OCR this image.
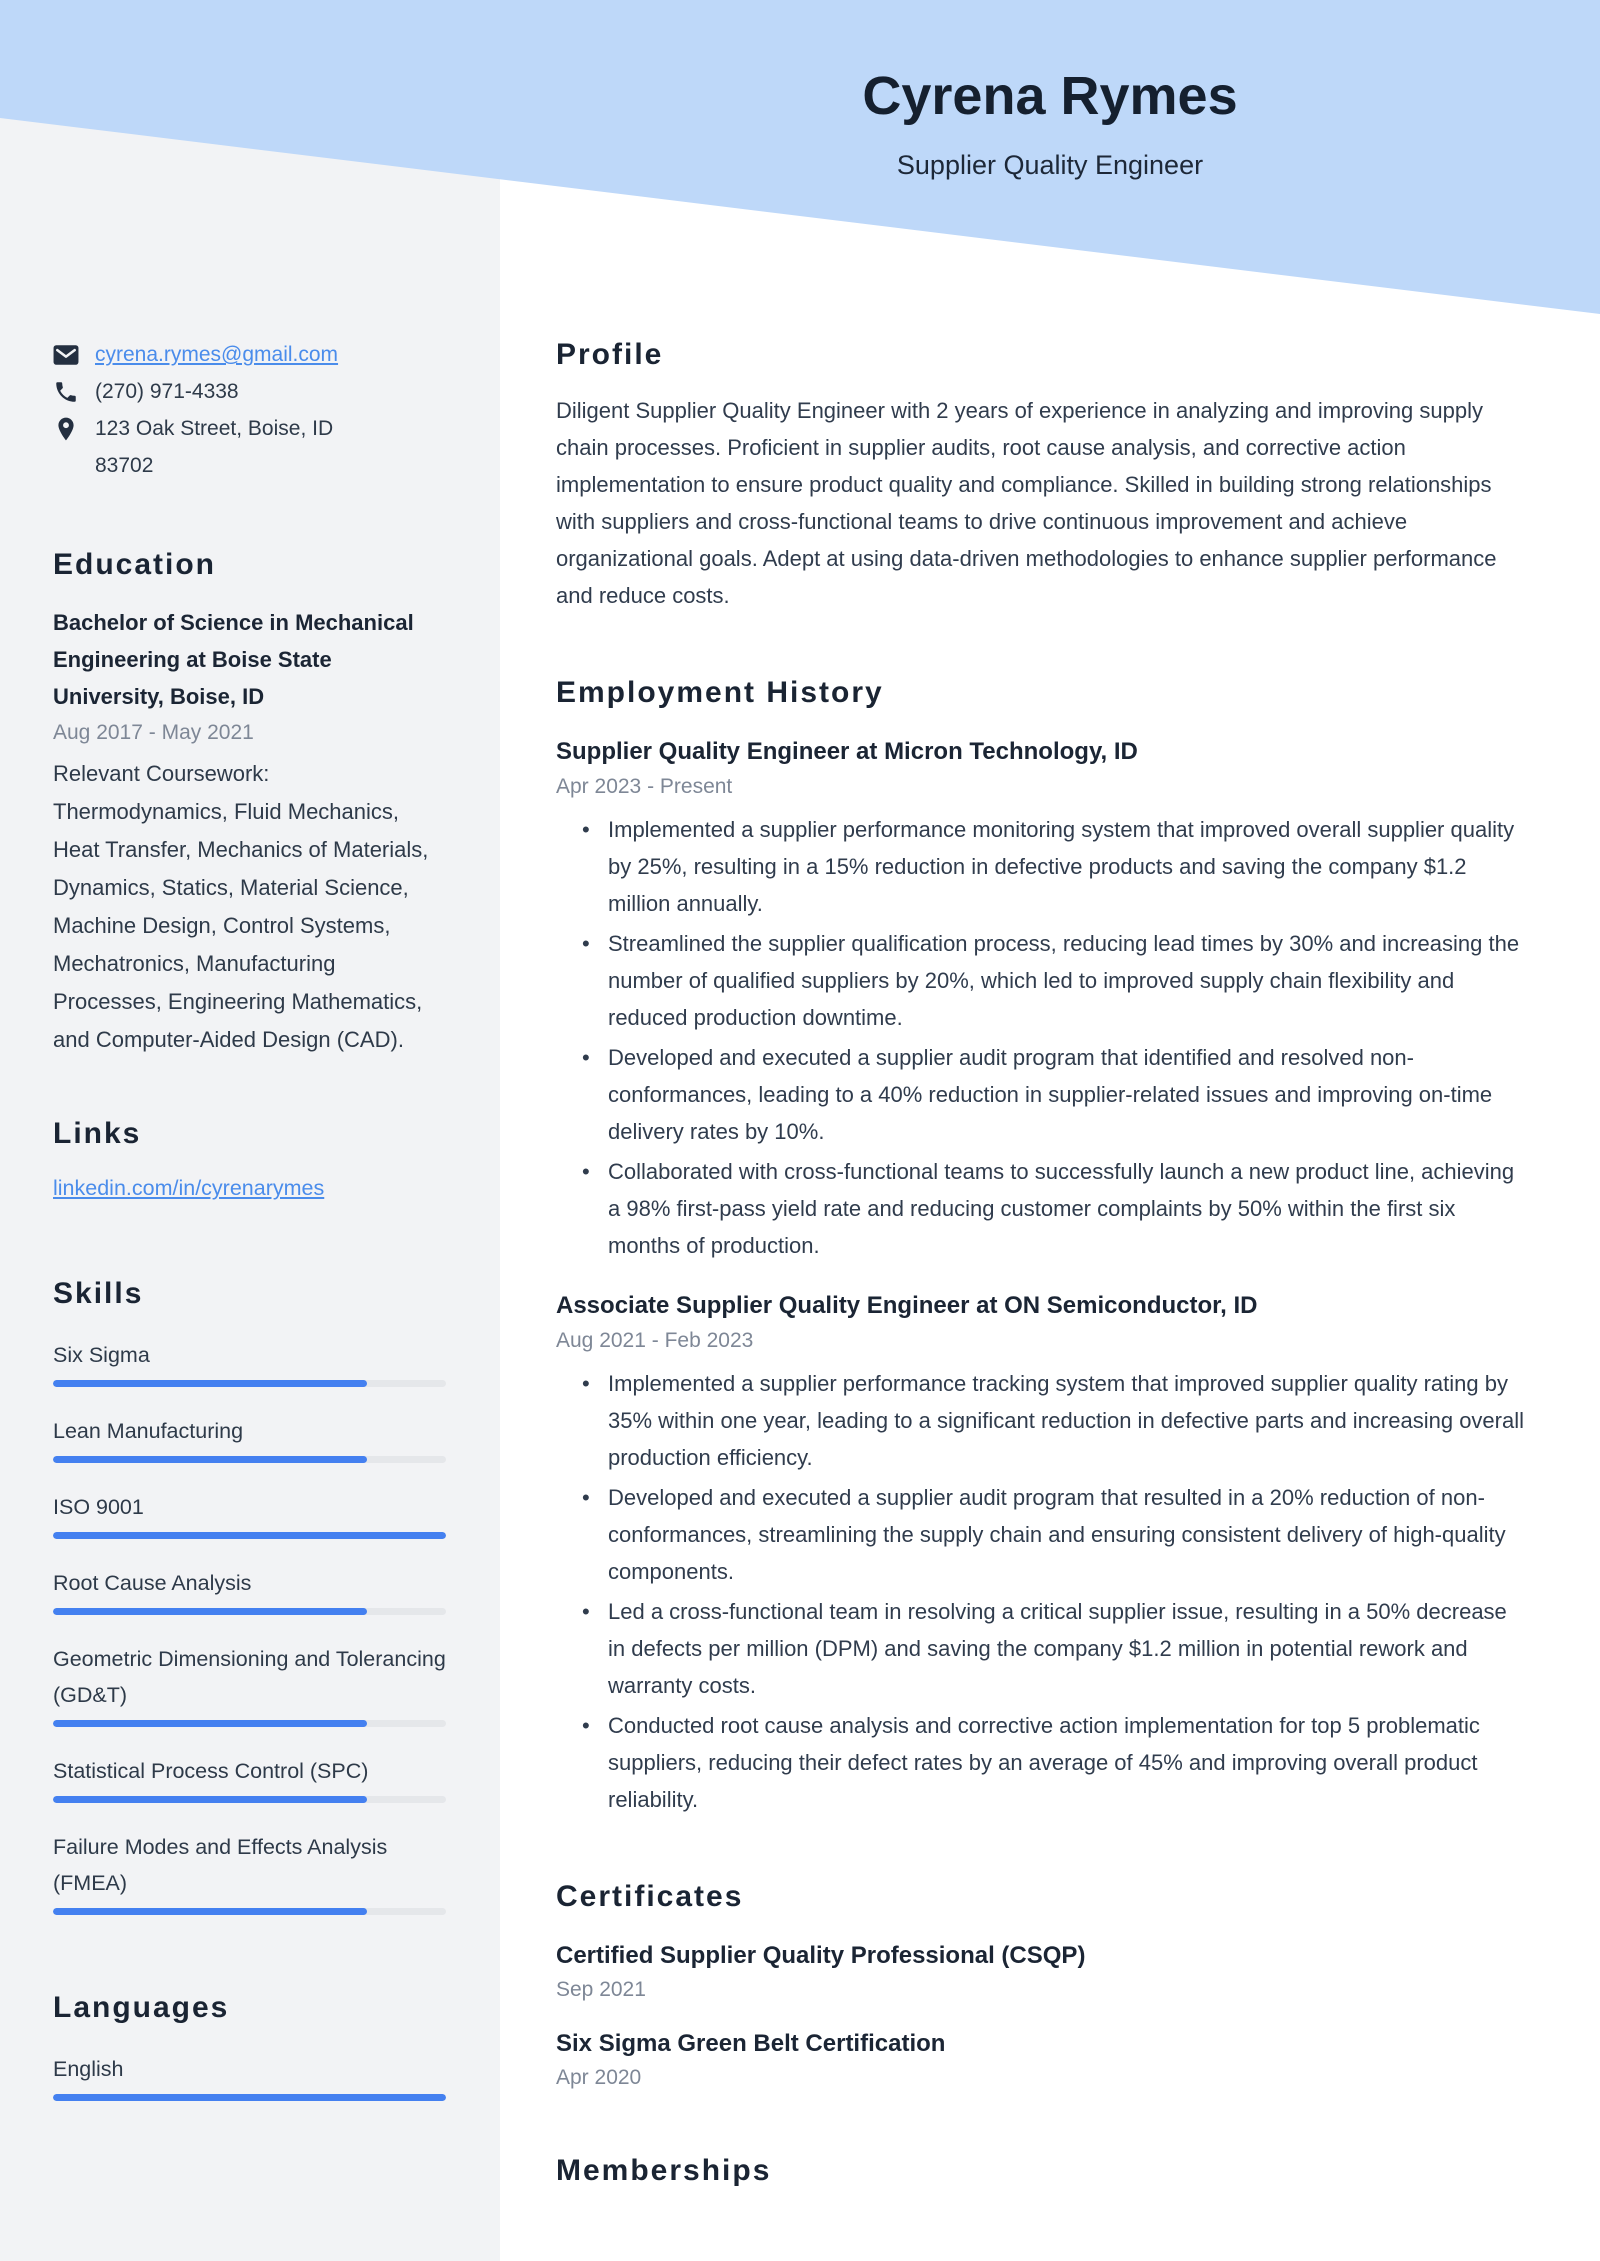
cyrena.rymes@gmail.com
(270) 971-4338
123 Oak Street, Boise, ID
83702
Education
Bachelor of Science in Mechanical Engineering at Boise State University, Boise, ID
Aug 2017 - May 2021
Relevant Coursework: Thermodynamics, Fluid Mechanics, Heat Transfer, Mechanics of Materials, Dynamics, Statics, Material Science, Machine Design, Control Systems, Mechatronics, Manufacturing Processes, Engineering Mathematics, and Computer-Aided Design (CAD).
Links
linkedin.com/in/cyrenarymes
Skills
Six Sigma
Lean Manufacturing
ISO 9001
Root Cause Analysis
Geometric Dimensioning and Tolerancing (GD&T)
Statistical Process Control (SPC)
Failure Modes and Effects Analysis (FMEA)
Languages
English
Profile
Diligent Supplier Quality Engineer with 2 years of experience in analyzing and improving supply chain processes. Proficient in supplier audits, root cause analysis, and corrective action implementation to ensure product quality and compliance. Skilled in building strong relationships with suppliers and cross-functional teams to drive continuous improvement and achieve organizational goals. Adept at using data-driven methodologies to enhance supplier performance and reduce costs.
Employment History
Supplier Quality Engineer at Micron Technology, ID
Apr 2023 - Present
• Implemented a supplier performance monitoring system that improved overall supplier quality by 25%, resulting in a 15% reduction in defective products and saving the company $1.2 million annually.
• Streamlined the supplier qualification process, reducing lead times by 30% and increasing the number of qualified suppliers by 20%, which led to improved supply chain flexibility and reduced production downtime.
• Developed and executed a supplier audit program that identified and resolved non-conformances, leading to a 40% reduction in supplier-related issues and improving on-time delivery rates by 10%.
• Collaborated with cross-functional teams to successfully launch a new product line, achieving a 98% first-pass yield rate and reducing customer complaints by 50% within the first six months of production.
Associate Supplier Quality Engineer at ON Semiconductor, ID
Aug 2021 - Feb 2023
• Implemented a supplier performance tracking system that improved supplier quality rating by 35% within one year, leading to a significant reduction in defective parts and increasing overall production efficiency.
• Developed and executed a supplier audit program that resulted in a 20% reduction of non-conformances, streamlining the supply chain and ensuring consistent delivery of high-quality components.
• Led a cross-functional team in resolving a critical supplier issue, resulting in a 50% decrease in defects per million (DPM) and saving the company $1.2 million in potential rework and warranty costs.
• Conducted root cause analysis and corrective action implementation for top 5 problematic suppliers, reducing their defect rates by an average of 45% and improving overall product reliability.
Certificates
Certified Supplier Quality Professional (CSQP)
Sep 2021
Six Sigma Green Belt Certification
Apr 2020
Memberships
Cyrena Rymes
Supplier Quality Engineer
